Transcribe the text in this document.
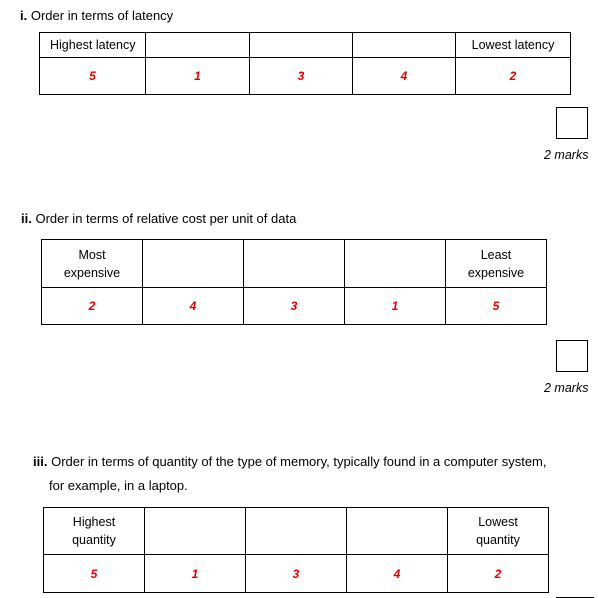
i. Order in terms of latency
Highest latency				Lowest latency
5	1	3	4	2
2 marks
ii. Order in terms of relative cost per unit of data
Most
expensive				Least
expensive
2	4	3	1	5
2 marks
iii. Order in terms of quantity of the type of memory, typically found in a computer system,
for example, in a laptop.
Highest
quantity				Lowest
quantity
5	1	3	4	2
